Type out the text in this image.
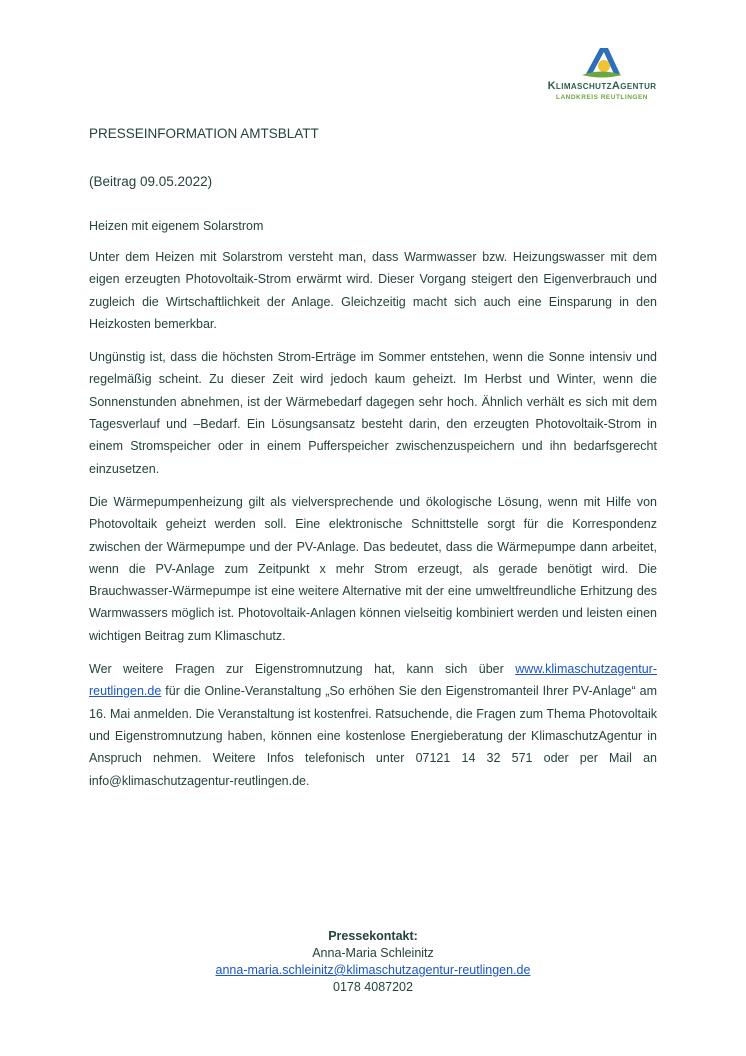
KlimaschutzAgentur
LANDKREIS REUTLINGEN
PRESSEINFORMATION AMTSBLATT
(Beitrag 09.05.2022)
Heizen mit eigenem Solarstrom

Unter dem Heizen mit Solarstrom versteht man, dass Warmwasser bzw. Heizungswasser mit dem eigen erzeugten Photovoltaik-Strom erwärmt wird. Dieser Vorgang steigert den Eigenverbrauch und zugleich die Wirtschaftlichkeit der Anlage. Gleichzeitig macht sich auch eine Einsparung in den Heizkosten bemerkbar.

Ungünstig ist, dass die höchsten Strom-Erträge im Sommer entstehen, wenn die Sonne intensiv und regelmäßig scheint. Zu dieser Zeit wird jedoch kaum geheizt. Im Herbst und Winter, wenn die Sonnenstunden abnehmen, ist der Wärmebedarf dagegen sehr hoch. Ähnlich verhält es sich mit dem Tagesverlauf und –Bedarf. Ein Lösungsansatz besteht darin, den erzeugten Photovoltaik-Strom in einem Stromspeicher oder in einem Pufferspeicher zwischenzuspeichern und ihn bedarfsgerecht einzusetzen.

Die Wärmepumpenheizung gilt als vielversprechende und ökologische Lösung, wenn mit Hilfe von Photovoltaik geheizt werden soll. Eine elektronische Schnittstelle sorgt für die Korrespondenz zwischen der Wärmepumpe und der PV-Anlage. Das bedeutet, dass die Wärmepumpe dann arbeitet, wenn die PV-Anlage zum Zeitpunkt x mehr Strom erzeugt, als gerade benötigt wird. Die Brauchwasser-Wärmepumpe ist eine weitere Alternative mit der eine umweltfreundliche Erhitzung des Warmwassers möglich ist. Photovoltaik-Anlagen können vielseitig kombiniert werden und leisten einen wichtigen Beitrag zum Klimaschutz.

Wer weitere Fragen zur Eigenstromnutzung hat, kann sich über www.klimaschutzagentur-reutlingen.de für die Online-Veranstaltung „So erhöhen Sie den Eigenstromanteil Ihrer PV-Anlage“ am 16. Mai anmelden. Die Veranstaltung ist kostenfrei. Ratsuchende, die Fragen zum Thema Photovoltaik und Eigenstromnutzung haben, können eine kostenlose Energieberatung der KlimaschutzAgentur in Anspruch nehmen. Weitere Infos telefonisch unter 07121 14 32 571 oder per Mail an info@klimaschutzagentur-reutlingen.de.

Pressekontakt:
Anna-Maria Schleinitz
anna-maria.schleinitz@klimaschutzagentur-reutlingen.de
0178 4087202
